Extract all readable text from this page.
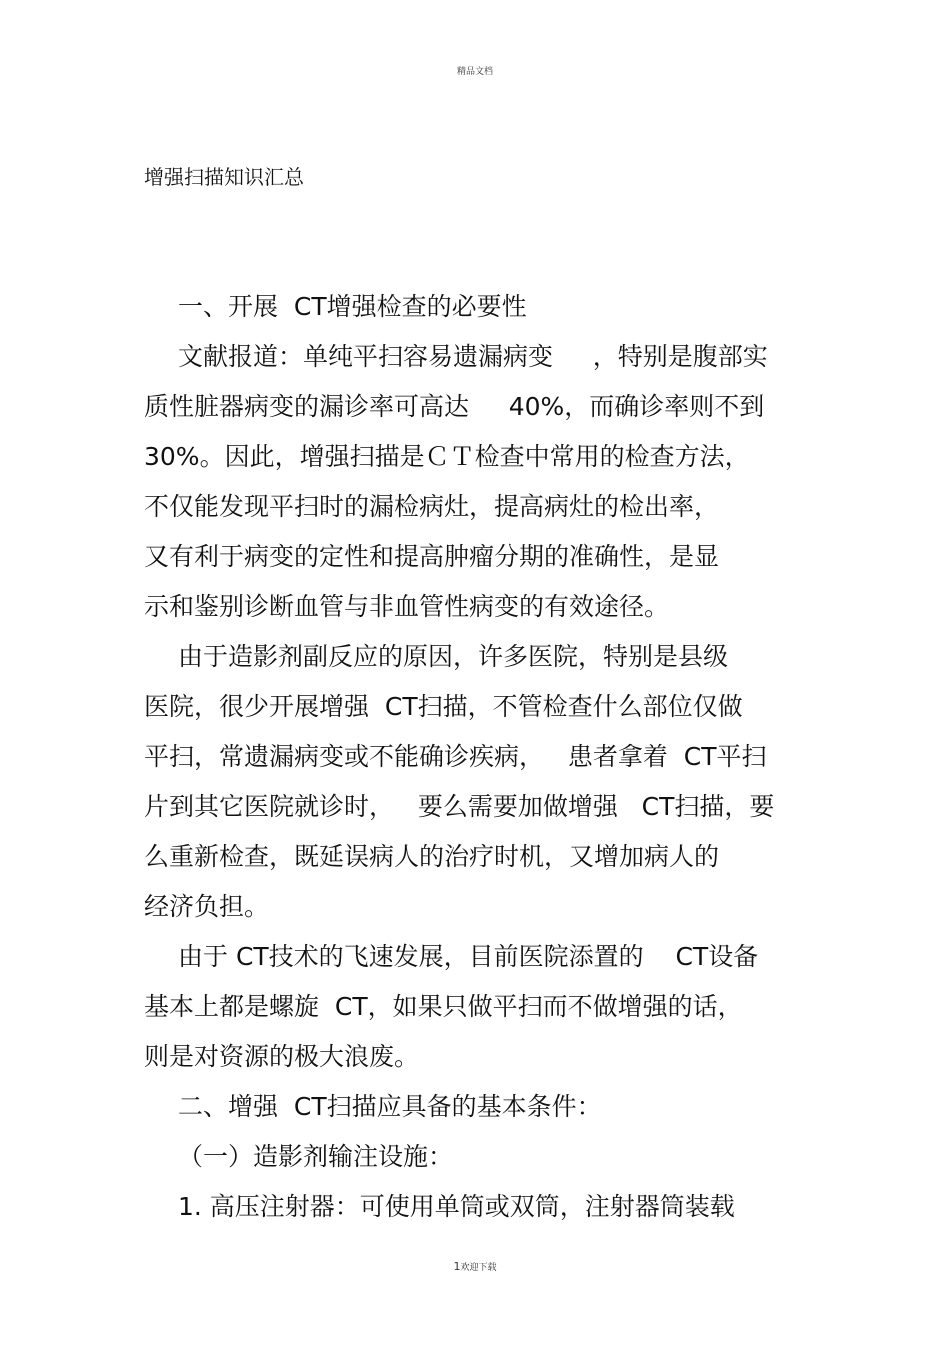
精品文档
增强扫描知识汇总
一、开展  CT增强检查的必要性
文献报道：单纯平扫容易遗漏病变     ，特别是腹部实
质性脏器病变的漏诊率可高达     40%，而确诊率则不到
30%。因此，增强扫描是ＣＴ检查中常用的检查方法，
不仅能发现平扫时的漏检病灶，提高病灶的检出率，
又有利于病变的定性和提高肿瘤分期的准确性，是显
示和鉴别诊断血管与非血管性病变的有效途径。
由于造影剂副反应的原因，许多医院，特别是县级
医院，很少开展增强  CT扫描，不管检查什么部位仅做
平扫，常遗漏病变或不能确诊疾病，   患者拿着  CT平扫
片到其它医院就诊时，   要么需要加做增强   CT扫描，要
么重新检查，既延误病人的治疗时机，又增加病人的
经济负担。
由于 CT技术的飞速发展，目前医院添置的    CT设备
基本上都是螺旋  CT，如果只做平扫而不做增强的话，
则是对资源的极大浪废。
二、增强  CT扫描应具备的基本条件：
（一）造影剂输注设施：
1. 高压注射器：可使用单筒或双筒，注射器筒装载
1欢迎下载
